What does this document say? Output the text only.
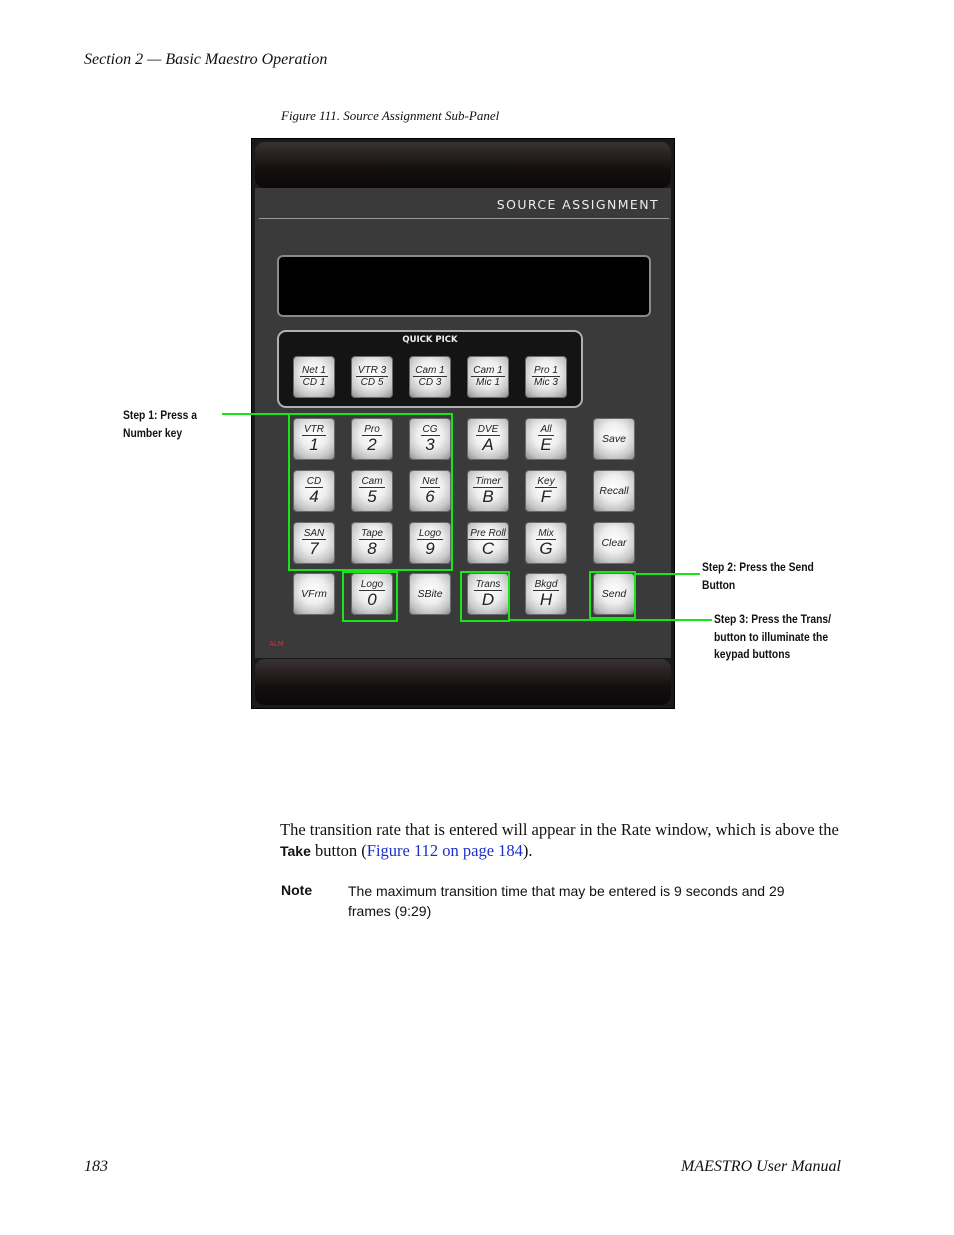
Section 2 — Basic Maestro Operation
Figure 111. Source Assignment Sub-Panel
SOURCE ASSIGNMENT
QUICK PICK
Net 1
CD 1
VTR 3
CD 5
Cam 1
CD 3
Cam 1
Mic 1
Pro 1
Mic 3
VTR
1
Pro
2
CG
3
DVE
A
All
E	Save
CD
4
Cam
5
Net
6
Timer
B
Key
F	Recall
SAN
7
Tape
8
Logo
9
Pre Roll
C
Mix
G	Clear
VFrm
Logo
0	SBite
Trans
D
Bkgd
H	Send
ALM
Step 1: Press a
Number key
Step 2: Press the Send
Button
Step 3: Press the Trans/
button to illuminate the
keypad buttons
The transition rate that is entered will appear in the Rate window, which is above the Take button (Figure 112 on page 184).
Note	The maximum transition time that may be entered is 9 seconds and 29 frames (9:29)
183	MAESTRO User Manual
